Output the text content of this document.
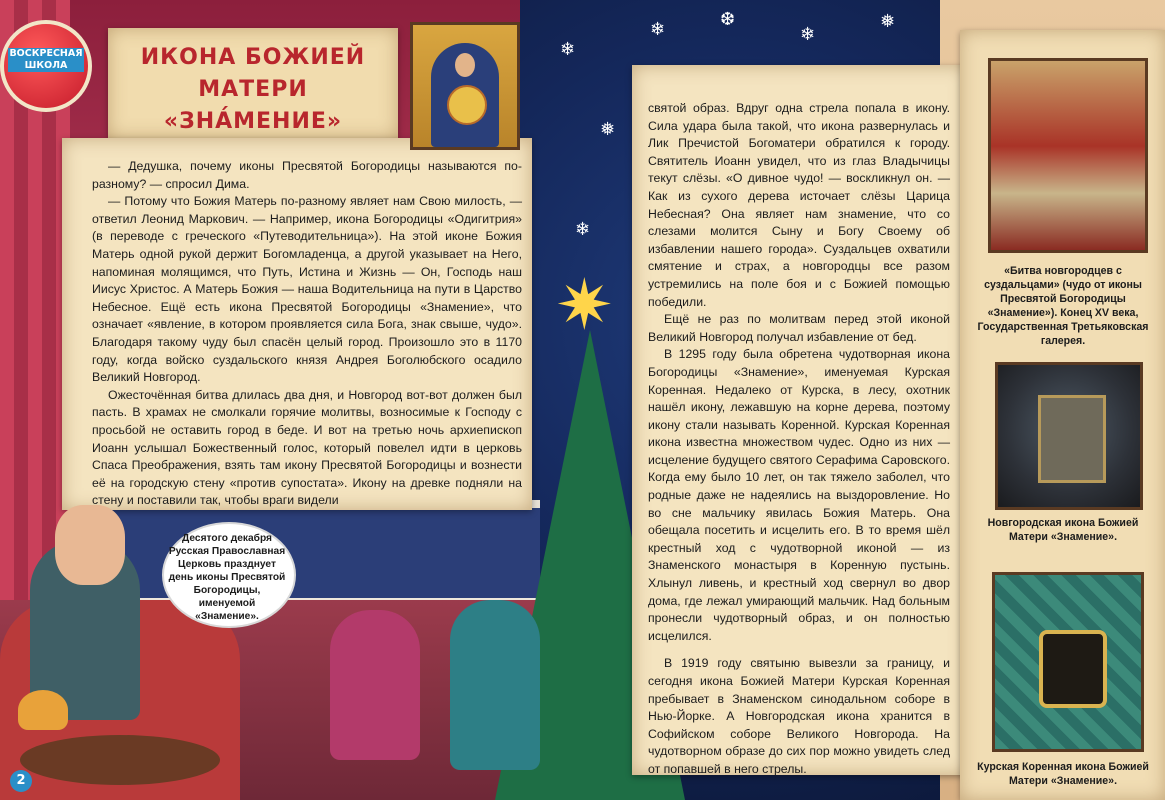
✷
❄
❅
❄	❆
❄
❅
❄
ВОСКРЕСНАЯ
ШКОЛА	ИКОНА БОЖИЕЙ
МАТЕРИ «ЗНА́МЕНИЕ»

— Дедушка, почему иконы Пресвятой Богородицы называются по-разному? — спросил Дима.

— Потому что Божия Матерь по-разному являет нам Свою милость, — ответил Леонид Маркович. — Например, икона Богородицы «Одигитрия» (в переводе с греческого «Путеводительница»). На этой иконе Божия Матерь одной рукой держит Богомладенца, а другой указывает на Него, напоминая молящимся, что Путь, Истина и Жизнь — Он, Господь наш Иисус Христос. А Матерь Божия — наша Водительница на пути в Царство Небесное. Ещё есть икона Пресвятой Богородицы «Знамение», что означает «явление, в котором проявляется сила Бога, знак свыше, чудо». Благодаря такому чуду был спасён целый город. Произошло это в 1170 году, когда войско суздальского князя Андрея Боголюбского осадило Великий Новгород.

Ожесточённая битва длилась два дня, и Новгород вот-вот должен был пасть. В храмах не смолкали горячие молитвы, возносимые к Господу с просьбой не оставить город в беде. И вот на третью ночь архиепископ Иоанн услышал Божественный голос, который повелел идти в церковь Спаса Преображения, взять там икону Пресвятой Богородицы и вознести её на городскую стену «против супостата». Икону на древке подняли на стену и поставили так, чтобы враги видели

святой образ. Вдруг одна стрела попала в икону. Сила удара была такой, что икона развернулась и Лик Пречистой Богоматери обратился к городу. Святитель Иоанн увидел, что из глаз Владычицы текут слёзы. «О дивное чудо! — воскликнул он. — Как из сухого дерева источает слёзы Царица Небесная? Она являет нам знамение, что со слезами молится Сыну и Богу Своему об избавлении нашего города». Суздальцев охватили смятение и страх, а новгородцы все разом устремились на поле боя и с Божией помощью победили.

Ещё не раз по молитвам перед этой иконой Великий Новгород получал избавление от бед.

В 1295 году была обретена чудотворная икона Богородицы «Знамение», именуемая Курская Коренная. Недалеко от Курска, в лесу, охотник нашёл икону, лежавшую на корне дерева, поэтому икону стали называть Коренной. Курская Коренная икона известна множеством чудес. Одно из них — исцеление будущего святого Серафима Саровского. Когда ему было 10 лет, он так тяжело заболел, что родные даже не надеялись на выздоровление. Но во сне мальчику явилась Божия Матерь. Она обещала посетить и исцелить его. В то время шёл крестный ход с чудотворной иконой — из Знаменского монастыря в Коренную пустынь. Хлынул ливень, и крестный ход свернул во двор дома, где лежал умирающий мальчик. Над больным пронесли чудотворный образ, и он полностью исцелился.

В 1919 году святыню вывезли за границу, и сегодня икона Божией Матери Курская Коренная пребывает в Знаменском синодальном соборе в Нью-Йорке. А Новгородская икона хранится в Софийском соборе Великого Новгорода. На чудотворном образе до сих пор можно увидеть след от попавшей в него стрелы.

«Битва новгородцев с суздальцами» (чудо от иконы Пресвятой Богородицы «Знамение»). Конец XV века, Государственная Третьяковская галерея.

Новгородская икона Божией Матери «Знамение».

Курская Коренная икона Божией Матери «Знамение».

Десятого декабря Русская Православная Церковь празднует день иконы Пресвятой Богородицы, именуемой «Знамение».
2
